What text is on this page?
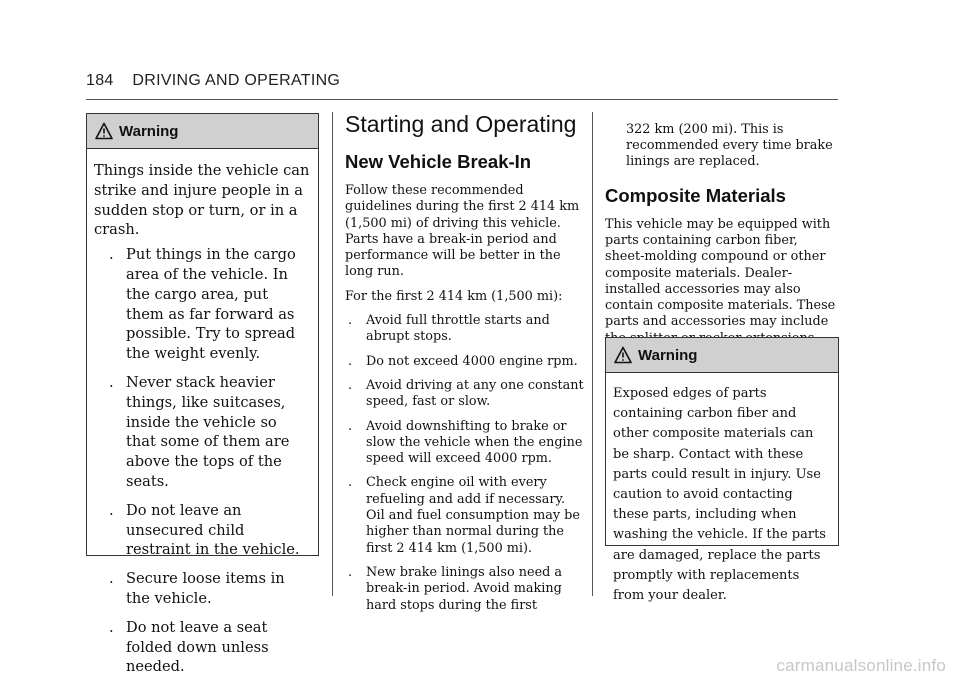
184 DRIVING AND OPERATING
Warning

Things inside the vehicle can strike and injure people in a sudden stop or turn, or in a crash.

. Put things in the cargo area of the vehicle. In the cargo area, put them as far forward as possible. Try to spread the weight evenly.
. Never stack heavier things, like suitcases, inside the vehicle so that some of them are above the tops of the seats.
. Do not leave an unsecured child restraint in the vehicle.
. Secure loose items in the vehicle.
. Do not leave a seat folded down unless needed.
Starting and Operating
New Vehicle Break-In

Follow these recommended guidelines during the first 2 414 km (1,500 mi) of driving this vehicle. Parts have a break-in period and performance will be better in the long run.

For the first 2 414 km (1,500 mi):

. Avoid full throttle starts and abrupt stops.
. Do not exceed 4000 engine rpm.
. Avoid driving at any one constant speed, fast or slow.
. Avoid downshifting to brake or slow the vehicle when the engine speed will exceed 4000 rpm.
. Check engine oil with every refueling and add if necessary. Oil and fuel consumption may be higher than normal during the first 2 414 km (1,500 mi).
. New brake linings also need a break-in period. Avoid making hard stops during the first

322 km (200 mi). This is recommended every time brake linings are replaced.

Composite Materials

This vehicle may be equipped with parts containing carbon fiber, sheet-molding compound or other composite materials. Dealer-installed accessories may also contain composite materials. These parts and accessories may include

Warning

Exposed edges of parts containing carbon fiber and other composite materials can be sharp. Contact with these parts could result in injury. Use caution to avoid contacting these parts, including when washing the vehicle. If the parts are damaged, replace the parts promptly with replacements from your dealer.

carmanualsonline.info
